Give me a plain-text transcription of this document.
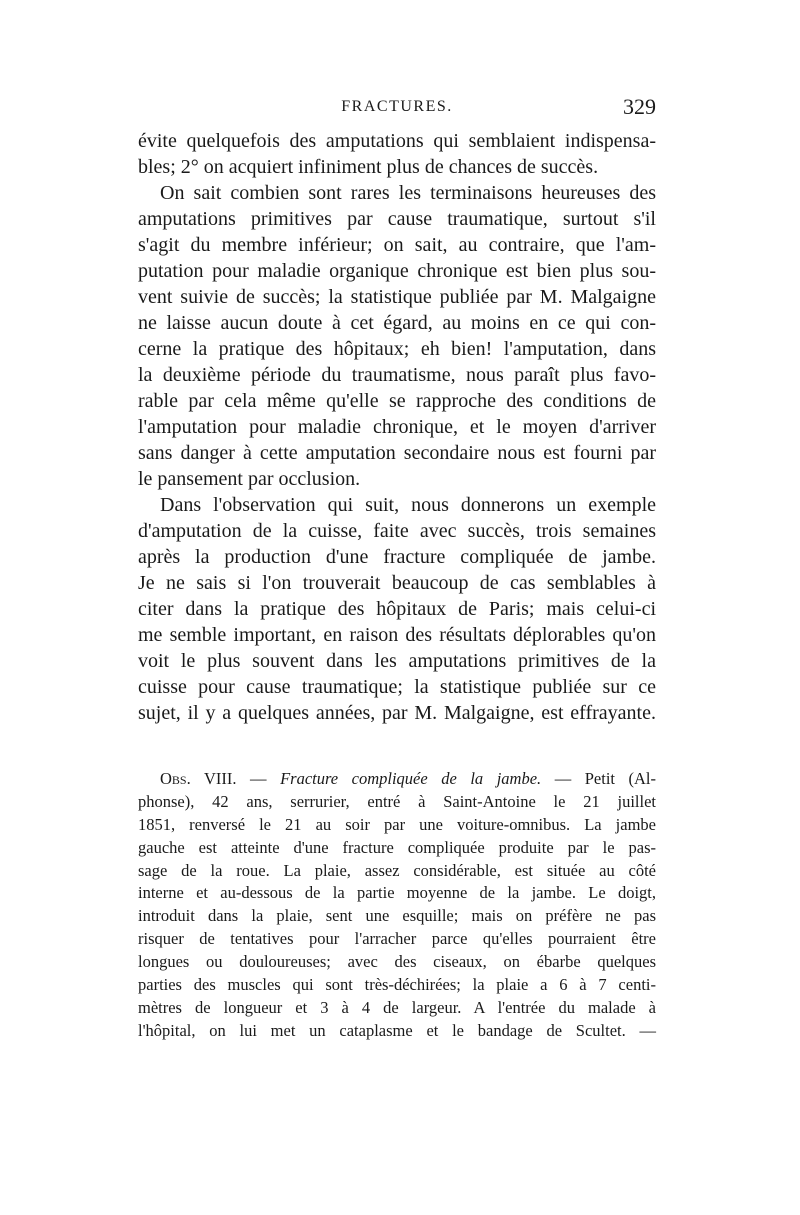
FRACTURES.	329
évite quelquefois des amputations qui semblaient indispensa-
bles; 2° on acquiert infiniment plus de chances de succès.
On sait combien sont rares les terminaisons heureuses des
amputations primitives par cause traumatique, surtout s'il
s'agit du membre inférieur; on sait, au contraire, que l'am-
putation pour maladie organique chronique est bien plus sou-
vent suivie de succès; la statistique publiée par M. Malgaigne
ne laisse aucun doute à cet égard, au moins en ce qui con-
cerne la pratique des hôpitaux; eh bien! l'amputation, dans
la deuxième période du traumatisme, nous paraît plus favo-
rable par cela même qu'elle se rapproche des conditions de
l'amputation pour maladie chronique, et le moyen d'arriver
sans danger à cette amputation secondaire nous est fourni par
le pansement par occlusion.
Dans l'observation qui suit, nous donnerons un exemple
d'amputation de la cuisse, faite avec succès, trois semaines
après la production d'une fracture compliquée de jambe.
Je ne sais si l'on trouverait beaucoup de cas semblables à
citer dans la pratique des hôpitaux de Paris; mais celui-ci
me semble important, en raison des résultats déplorables qu'on
voit le plus souvent dans les amputations primitives de la
cuisse pour cause traumatique; la statistique publiée sur ce
sujet, il y a quelques années, par M. Malgaigne, est effrayante.
Obs. VIII. — Fracture compliquée de la jambe. — Petit (Al-
phonse), 42 ans, serrurier, entré à Saint-Antoine le 21 juillet
1851, renversé le 21 au soir par une voiture-omnibus. La jambe
gauche est atteinte d'une fracture compliquée produite par le pas-
sage de la roue. La plaie, assez considérable, est située au côté
interne et au-dessous de la partie moyenne de la jambe. Le doigt,
introduit dans la plaie, sent une esquille; mais on préfère ne pas
risquer de tentatives pour l'arracher parce qu'elles pourraient être
longues ou douloureuses; avec des ciseaux, on ébarbe quelques
parties des muscles qui sont très-déchirées; la plaie a 6 à 7 centi-
mètres de longueur et 3 à 4 de largeur. A l'entrée du malade à
l'hôpital, on lui met un cataplasme et le bandage de Scultet. —
